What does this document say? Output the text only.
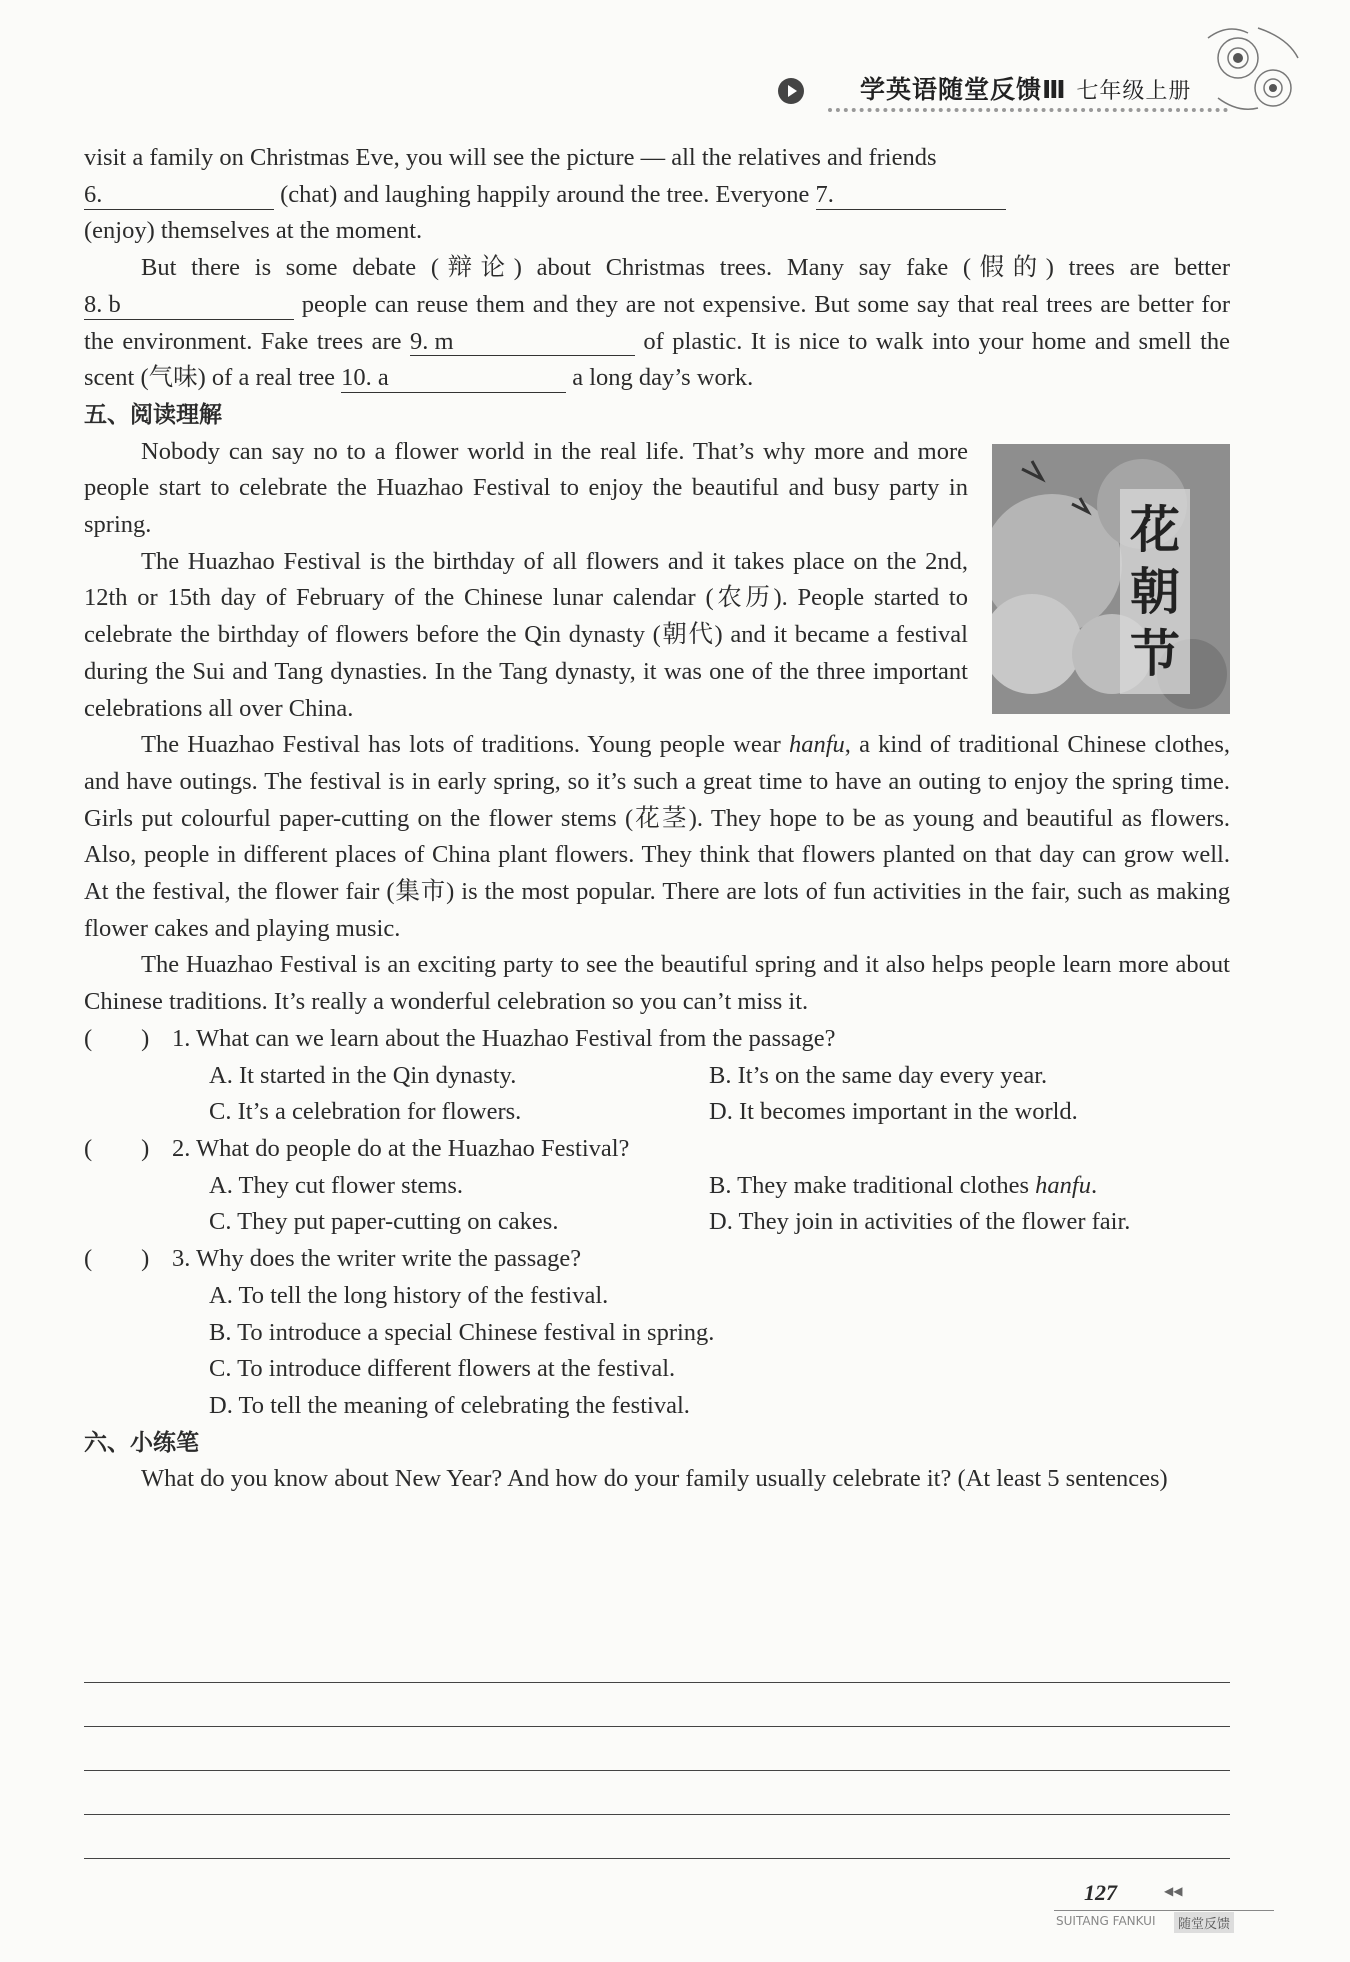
学英语随堂反馈Ⅲ 七年级上册

visit a family on Christmas Eve, you will see the picture — all the relatives and friends

6.	(chat) and laughing happily around the tree. Everyone 7.

(enjoy) themselves at the moment.

But there is some debate (辩论) about Christmas trees. Many say fake (假的) trees are better 8. b	people can reuse them and they are not expensive. But some say that real trees are better for the environment. Fake trees are 9. m	of plastic. It is nice to walk into your home and smell the scent (气味) of a real tree 10. a	a long day’s work.

五、阅读理解

花朝节

Nobody can say no to a flower world in the real life. That’s why more and more people start to celebrate the Huazhao Festival to enjoy the beautiful and busy party in spring.

The Huazhao Festival is the birthday of all flowers and it takes place on the 2nd, 12th or 15th day of February of the Chinese lunar calendar (农历). People started to celebrate the birthday of flowers before the Qin dynasty (朝代) and it became a festival during the Sui and Tang dynasties. In the Tang dynasty, it was one of the three important celebrations all over China.

The Huazhao Festival has lots of traditions. Young people wear hanfu, a kind of traditional Chinese clothes, and have outings. The festival is in early spring, so it’s such a great time to have an outing to enjoy the spring time. Girls put colourful paper-cutting on the flower stems (花茎). They hope to be as young and beautiful as flowers. Also, people in different places of China plant flowers. They think that flowers planted on that day can grow well. At the festival, the flower fair (集市) is the most popular. There are lots of fun activities in the fair, such as making flower cakes and playing music.

The Huazhao Festival is an exciting party to see the beautiful spring and it also helps people learn more about Chinese traditions. It’s really a wonderful celebration so you can’t miss it.

(　　) 1. What can we learn about the Huazhao Festival from the passage?

A. It started in the Qin dynasty.	B. It’s on the same day every year.
C. It’s a celebration for flowers.	D. It becomes important in the world.

(　　) 2. What do people do at the Huazhao Festival?

A. They cut flower stems.	B. They make traditional clothes hanfu.
C. They put paper-cutting on cakes.	D. They join in activities of the flower fair.

(　　) 3. Why does the writer write the passage?

A. To tell the long history of the festival.
B. To introduce a special Chinese festival in spring.
C. To introduce different flowers at the festival.
D. To tell the meaning of celebrating the festival.

六、小练笔

What do you know about New Year? And how do your family usually celebrate it? (At least 5 sentences)

127	◀◀
SUITANG FANKUI	随堂反馈
